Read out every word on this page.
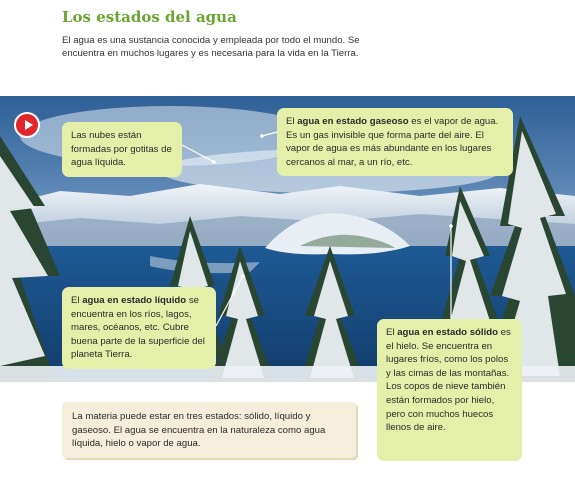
Los estados del agua
El agua es una sustancia conocida y empleada por todo el mundo. Se encuentra en muchos lugares y es necesaria para la vida en la Tierra.
Las nubes están formadas por gotitas de agua líquida.
El agua en estado gaseoso es el vapor de agua. Es un gas invisible que forma parte del aire. El vapor de agua es más abundante en los lugares cercanos al mar, a un río, etc.
El agua en estado líquido se encuentra en los ríos, lagos, mares, océanos, etc. Cubre buena parte de la superficie del planeta Tierra.
El agua en estado sólido es el hielo. Se encuentra en lugares fríos, como los polos y las cimas de las montañas. Los copos de nieve también están formados por hielo, pero con muchos huecos llenos de aire.
La materia puede estar en tres estados: sólido, líquido y gaseoso. El agua se encuentra en la naturaleza como agua líquida, hielo o vapor de agua.
